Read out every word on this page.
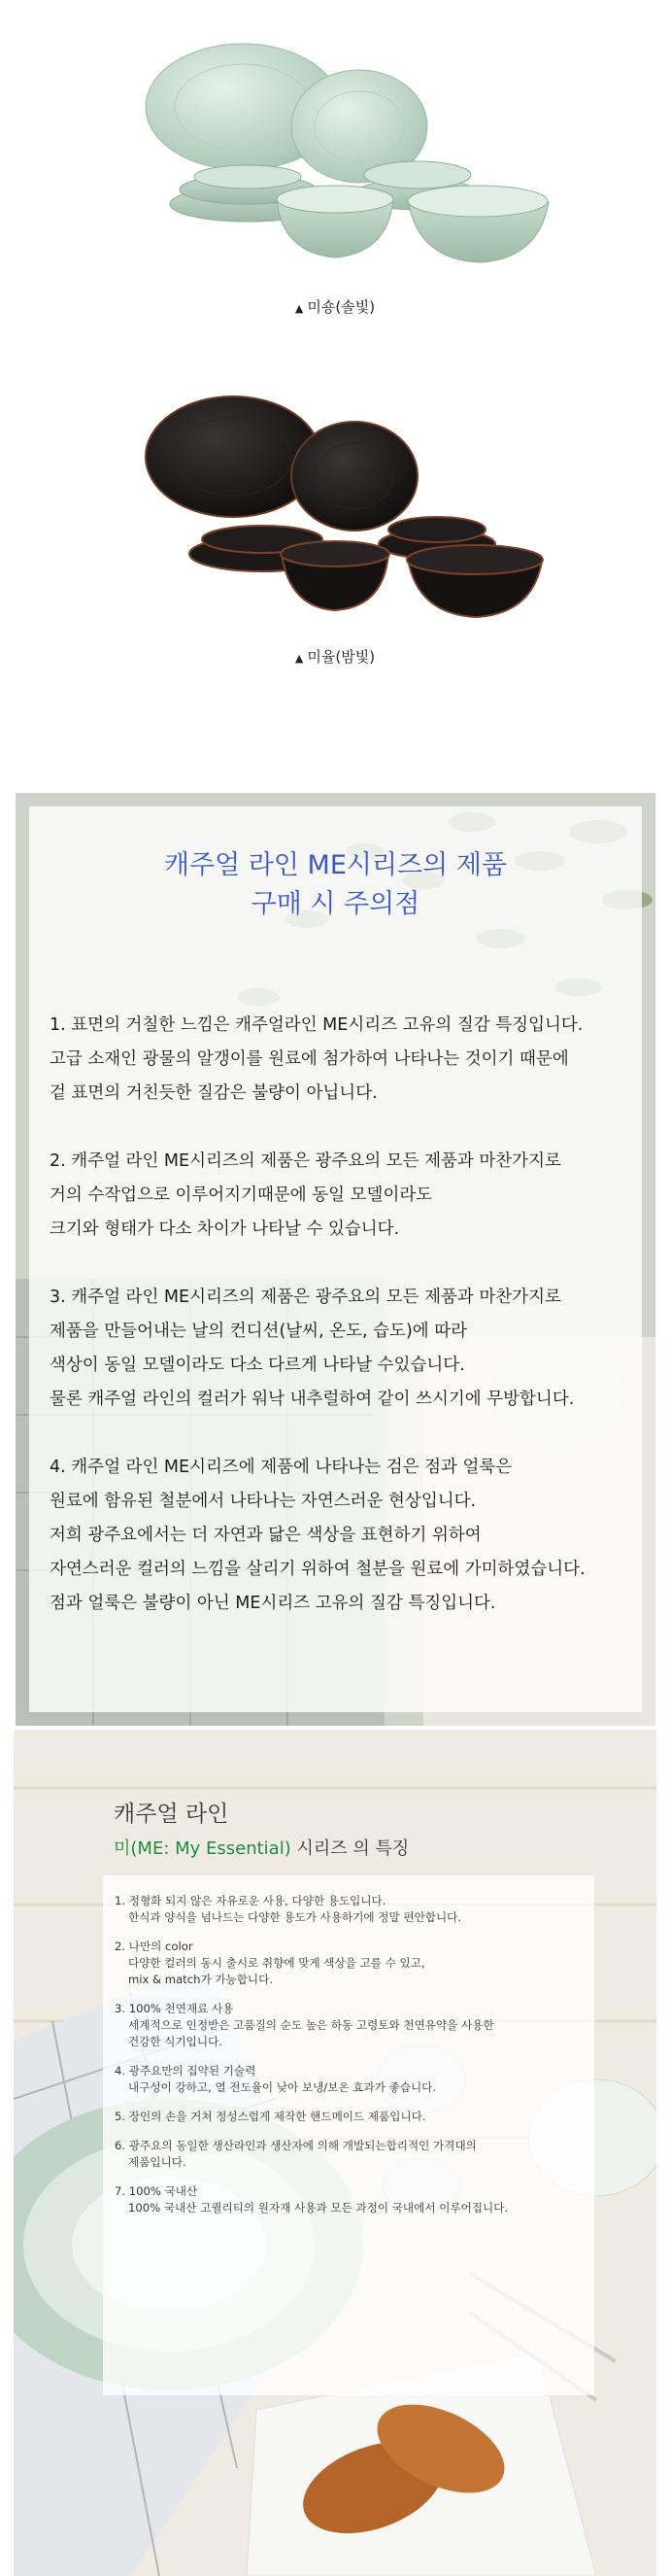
▲ 미숑(솔빛)
▲ 미율(밤빛)
캐주얼 라인 ME시리즈의 제품
구매 시 주의점

1. 표면의 거칠한 느낌은 캐주얼라인 ME시리즈 고유의 질감 특징입니다.
고급 소재인 광물의 알갱이를 원료에 첨가하여 나타나는 것이기 때문에
겉 표면의 거친듯한 질감은 불량이 아닙니다.

2. 캐주얼 라인 ME시리즈의 제품은 광주요의 모든 제품과 마찬가지로
거의 수작업으로 이루어지기때문에 동일 모델이라도
크기와 형태가 다소 차이가 나타날 수 있습니다.

3. 캐주얼 라인 ME시리즈의 제품은 광주요의 모든 제품과 마찬가지로
제품을 만들어내는 날의 컨디션(날씨, 온도, 습도)에 따라
색상이 동일 모델이라도 다소 다르게 나타날 수있습니다.
물론 캐주얼 라인의 컬러가 워낙 내추럴하여 같이 쓰시기에 무방합니다.

4. 캐주얼 라인 ME시리즈에 제품에 나타나는 검은 점과 얼룩은
원료에 함유된 철분에서 나타나는 자연스러운 현상입니다.
저희 광주요에서는 더 자연과 닮은 색상을 표현하기 위하여
자연스러운 컬러의 느낌을 살리기 위하여 철분을 원료에 가미하였습니다.
점과 얼룩은 불량이 아닌 ME시리즈 고유의 질감 특징입니다.

캐주얼 라인
미(ME: My Essential) 시리즈 의 특징
1. 정형화 되지 않은 자유로운 사용, 다양한 용도입니다.
한식과 양식을 넘나드는 다양한 용도가 사용하기에 정말 편안합니다.
2. 나만의 color
다양한 컬러의 동시 출시로 취향에 맞게 색상을 고를 수 있고,
mix & match가 가능합니다.
3. 100% 천연재료 사용
세계적으로 인정받은 고품질의 순도 높은 하동 고령토와 천연유약을 사용한
건강한 식기입니다.
4. 광주요만의 집약된 기술력
내구성이 강하고, 열 전도율이 낮아 보냉/보온 효과가 좋습니다.
5. 장인의 손을 거쳐 정성스럽게 제작한 핸드메이드 제품입니다.
6. 광주요의 동일한 생산라인과 생산자에 의해 개발되는합리적인 가격대의
제품입니다.
7. 100% 국내산
100% 국내산 고퀄리티의 원자재 사용과 모든 과정이 국내에서 이루어집니다.
